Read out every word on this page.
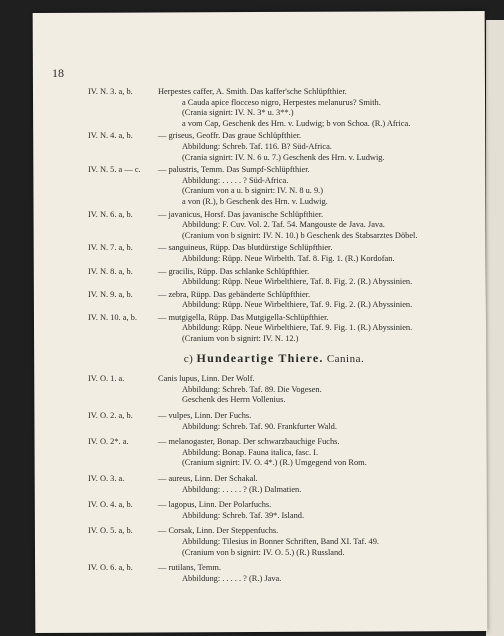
18
IV. N. 3. a, b.	Herpestes caffer, A. Smith. Das kaffer'sche Schlüpfthier.
a Cauda apice flocceso nigro, Herpestes melanurus? Smith.
(Crania signirt: IV. N. 3* u. 3**.)
a vom Cap, Geschenk des Hrn. v. Ludwig; b von Schoa. (R.) Africa.
IV. N. 4. a, b.	— griseus, Geoffr. Das graue Schlüpfthier.
Abbildung: Schreb. Taf. 116. B? Süd-Africa.
(Crania signirt: IV. N. 6 u. 7.) Geschenk des Hrn. v. Ludwig.
IV. N. 5. a — c.	— palustris, Temm. Das Sumpf-Schlüpfthier.
Abbildung: . . . . . ? Süd-Africa.
(Cranium von a u. b signirt: IV. N. 8 u. 9.)
a von (R.), b Geschenk des Hrn. v. Ludwig.
IV. N. 6. a, b.	— javanicus, Horsf. Das javanische Schlüpfthier.
Abbildung: F. Cuv. Vol. 2. Taf. 54. Mangouste de Java. Java.
(Cranium von b signirt: IV. N. 10.) b Geschenk des Stabsarztes Döbel.
IV. N. 7. a, b.	— sanguineus, Rüpp. Das blutdürstige Schlüpfthier.
Abbildung: Rüpp. Neue Wirbelth. Taf. 8. Fig. 1. (R.) Kordofan.
IV. N. 8. a, b.	— gracilis, Rüpp. Das schlanke Schlüpfthier.
Abbildung: Rüpp. Neue Wirbelthiere, Taf. 8. Fig. 2. (R.) Abyssinien.
IV. N. 9. a, b.	— zebra, Rüpp. Das gebänderte Schlüpfthier.
Abbildung: Rüpp. Neue Wirbelthiere, Taf. 9. Fig. 2. (R.) Abyssinien.
IV. N. 10. a, b.	— mutgigella, Rüpp. Das Mutgigella-Schlüpfthier.
Abbildung: Rüpp. Neue Wirbelthiere, Taf. 9. Fig. 1. (R.) Abyssinien.
(Cranium von b signirt: IV. N. 12.)
c) Hundeartige Thiere. Canina.
IV. O. 1. a.	Canis lupus, Linn. Der Wolf.
Abbildung: Schreb. Taf. 89. Die Vogesen.
Geschenk des Herrn Vollenius.
IV. O. 2. a, b.	— vulpes, Linn. Der Fuchs.
Abbildung: Schreb. Taf. 90. Frankfurter Wald.
IV. O. 2*. a.	— melanogaster, Bonap. Der schwarzbauchige Fuchs.
Abbildung: Bonap. Fauna italica, fasc. I.
(Cranium signirt: IV. O. 4*.) (R.) Umgegend von Rom.
IV. O. 3. a.	— aureus, Linn. Der Schakal.
Abbildung: . . . . . ? (R.) Dalmatien.
IV. O. 4. a, b.	— lagopus, Linn. Der Polarfuchs.
Abbildung: Schreb. Taf. 39*. Island.
IV. O. 5. a, b.	— Corsak, Linn. Der Steppenfuchs.
Abbildung: Tilesius in Bonner Schriften, Band XI. Taf. 49.
(Cranium von b signirt: IV. O. 5.) (R.) Russland.
IV. O. 6. a, b.	— rutilans, Temm.
Abbildung: . . . . . ? (R.) Java.
